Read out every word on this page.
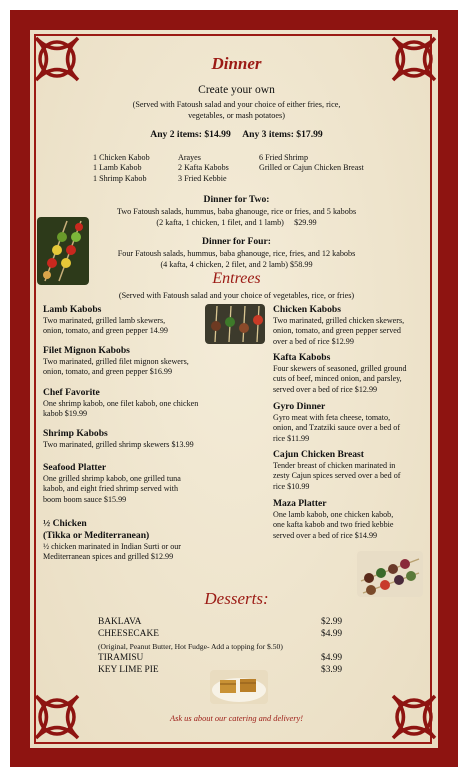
Dinner
Create your own
(Served with Fatoush salad and your choice of either fries, rice,
vegetables, or mash potatoes)
Any 2 items: $14.99     Any 3 items: $17.99
1 Chicken Kabob
1 Lamb Kabob
1 Shrimp Kabob
Arayes
2 Kafta Kabobs
3 Fried Kebbie
6 Fried Shrimp
Grilled or Cajun Chicken Breast
Dinner for Two:
Two Fatoush salads, hummus, baba ghanouge, rice or fries, and 5 kabobs
(2 kafta, 1 chicken, 1 filet, and 1 lamb)     $29.99
Dinner for Four:
Four Fatoush salads, hummus, baba ghanouge, rice, fries, and 12 kabobs
(4 kafta, 4 chicken, 2 filet, and 2 lamb) $58.99
Entrees
(Served with Fatoush salad and your choice of vegetables, rice, or fries)
Lamb Kabobs
Two marinated, grilled lamb skewers,
onion, tomato, and green pepper 14.99
Filet Mignon Kabobs
Two marinated, grilled filet mignon skewers,
onion, tomato, and green pepper $16.99
Chef Favorite
One shrimp kabob, one filet kabob, one chicken
kabob $19.99
Shrimp Kabobs
Two marinated, grilled shrimp skewers $13.99
Seafood Platter
One grilled shrimp kabob, one grilled tuna
kabob, and eight fried shrimp served with
boom boom sauce $15.99
½ Chicken
(Tikka or Mediterranean)
½ chicken marinated in Indian Surti or our
Mediterranean spices and grilled $12.99
Chicken Kabobs
Two marinated, grilled chicken skewers,
onion, tomato, and green pepper served
over a bed of rice $12.99
Kafta Kabobs
Four skewers of seasoned, grilled ground
cuts of beef, minced onion, and parsley,
served over a bed of rice $12.99
Gyro Dinner
Gyro meat with feta cheese, tomato,
onion, and Tzatziki sauce over a bed of
rice $11.99
Cajun Chicken Breast
Tender breast of chicken marinated in
zesty Cajun spices served over a bed of
rice $10.99
Maza Platter
One lamb kabob, one chicken kabob,
one kafta kabob and two fried kebbie
served over a bed of rice $14.99
Desserts:
BAKLAVA	$2.99
CHEESECAKE	$4.99
(Original, Peanut Butter, Hot Fudge- Add a topping for $.50)
TIRAMISU	$4.99
KEY LIME PIE	$3.99
Ask us about our catering and delivery!
